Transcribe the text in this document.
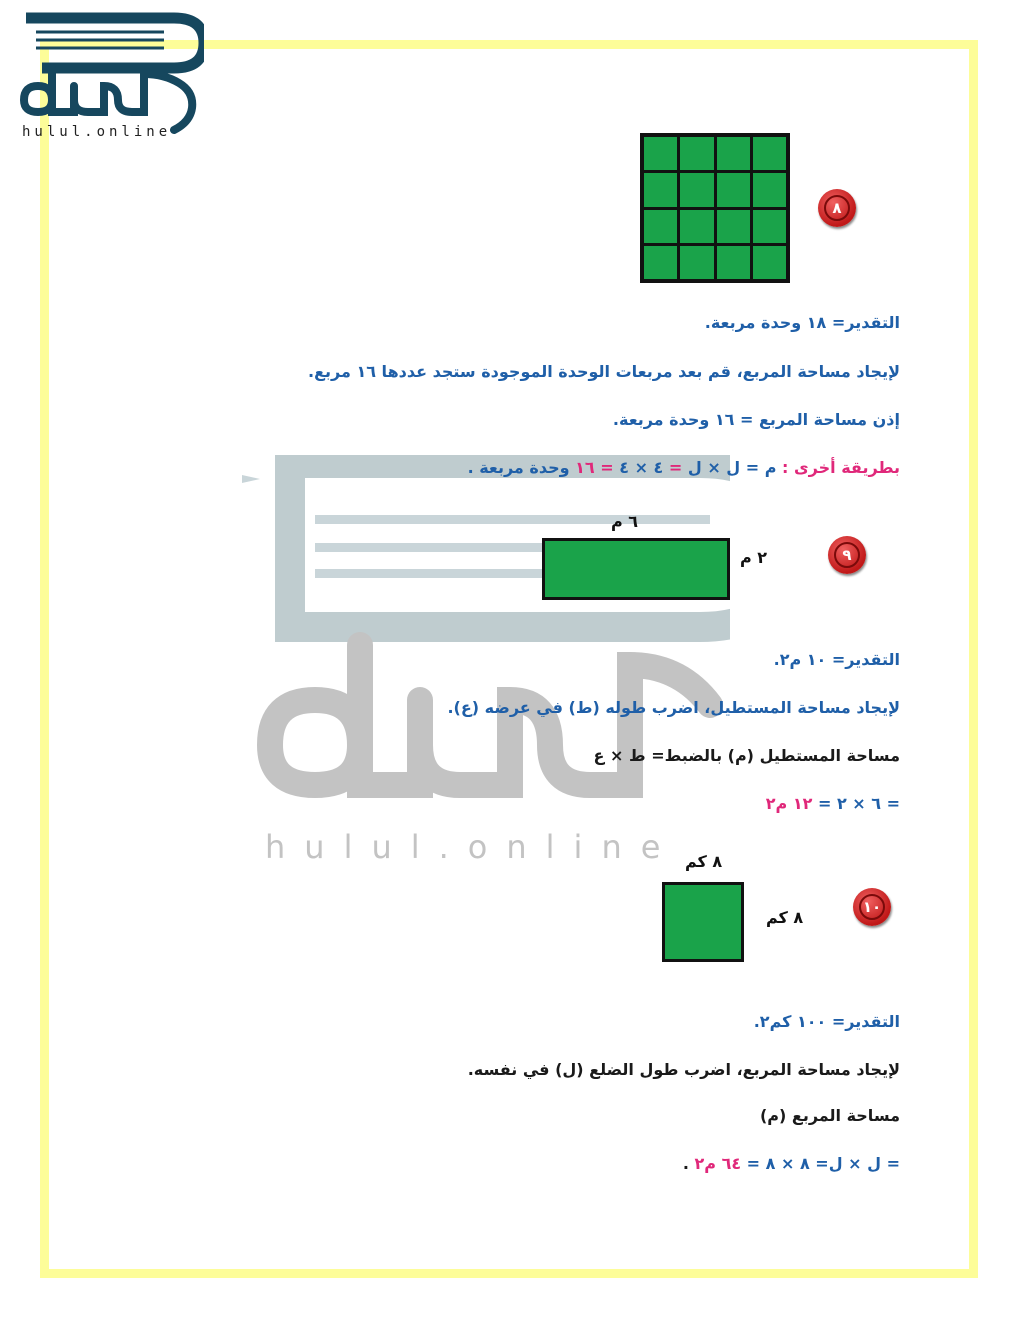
hulul.online
hulul.online
٨
التقدير= ١٨ وحدة مربعة.
لإيجاد مساحة المربع، قم بعد مربعات الوحدة الموجودة ستجد عددها ١٦ مربع.
إذن مساحة المربع = ١٦ وحدة مربعة.
بطريقة أخرى : م = ل × ل = ٤ × ٤ = ١٦ وحدة مربعة .
٩
٦ م
٢ م
التقدير= ١٠ م٢.
لإيجاد مساحة المستطيل، اضرب طوله (ط) في عرضه (ع).
مساحة المستطيل (م) بالضبط= ط × ع
= ٦ × ٢ = ١٢ م٢
١٠
٨ كم
٨ كم
التقدير= ١٠٠ كم٢.
لإيجاد مساحة المربع، اضرب طول الضلع (ل) في نفسه.
مساحة المربع (م)
= ل × ل= ٨ × ٨ = ٦٤ م٢ .
